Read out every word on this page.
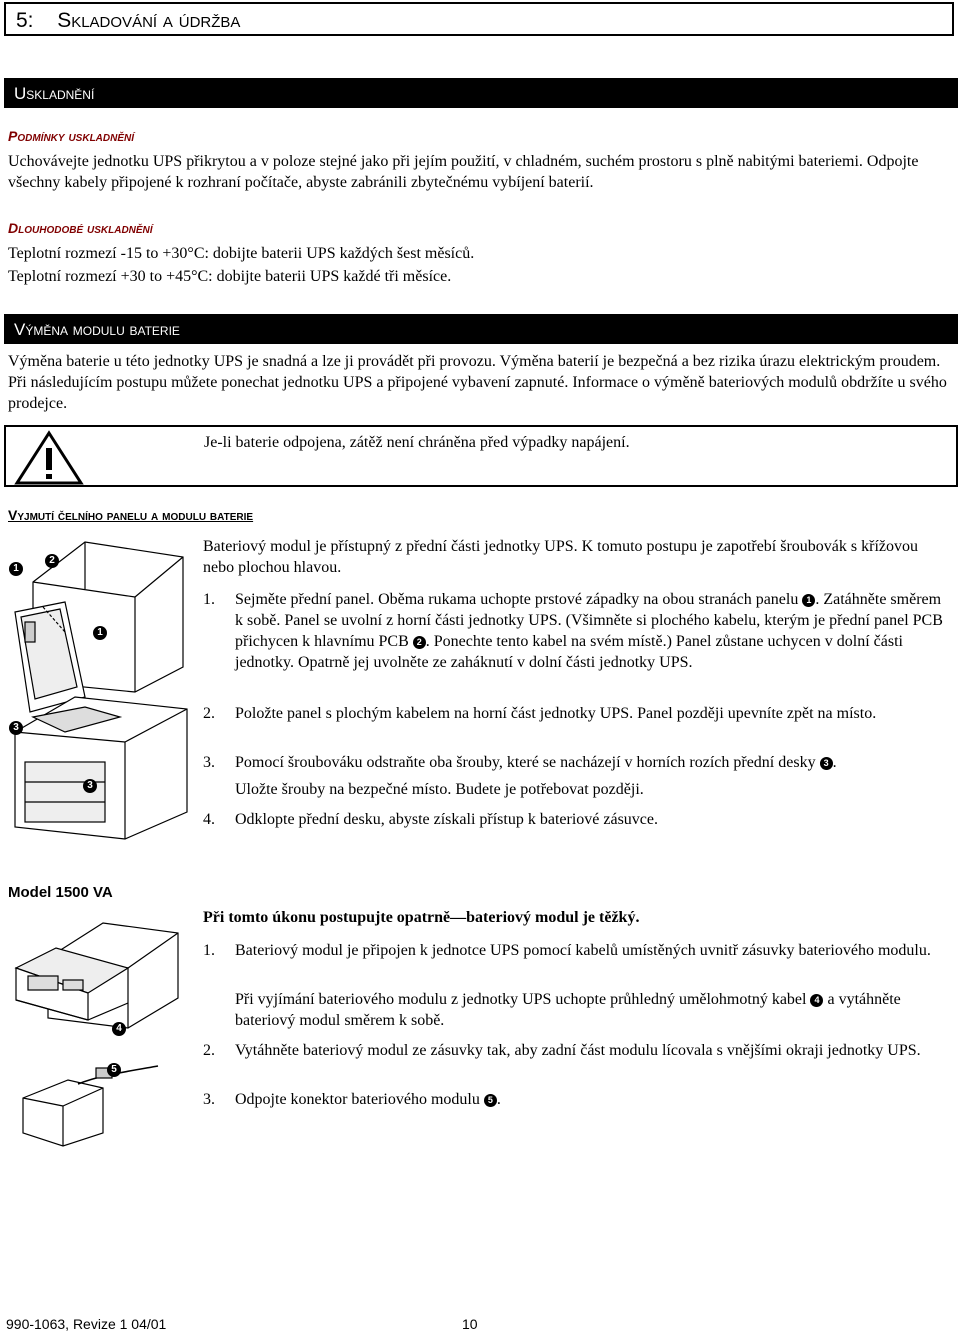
5: Skladování a údržba
Uskladnění
Podmínky uskladnění
Uchovávejte jednotku UPS přikrytou a v poloze stejné jako při jejím použití, v chladném, suchém prostoru s plně nabitými bateriemi. Odpojte všechny kabely připojené k rozhraní počítače, abyste zabránili zbytečnému vybíjení baterií.
Dlouhodobé uskladnění
Teplotní rozmezí -15 to +30°C: dobijte baterii UPS každých šest měsíců.
Teplotní rozmezí +30 to +45°C: dobijte baterii UPS každé tři měsíce.
Výměna modulu baterie
Výměna baterie u této jednotky UPS je snadná a lze ji provádět při provozu. Výměna baterií je bezpečná a bez rizika úrazu elektrickým proudem. Při následujícím postupu můžete ponechat jednotku UPS a připojené vybavení zapnuté. Informace o výměně bateriových modulů obdržíte u svého prodejce.
Je-li baterie odpojena, zátěž není chráněna před výpadky napájení.
Vyjmutí čelního panelu a modulu baterie
1
2
1
3
3
Bateriový modul je přístupný z přední části jednotky UPS. K tomuto postupu je zapotřebí šroubovák s křížovou nebo plochou hlavou.
1.	Sejměte přední panel. Oběma rukama uchopte prstové západky na obou stranách panelu 1 . Zatáhněte směrem k sobě. Panel se uvolní z horní části jednotky UPS. (Všimněte si plochého kabelu, kterým je přední panel PCB přichycen k hlavnímu PCB 2 . Ponechte tento kabel na svém místě.) Panel zůstane uchycen v dolní části jednotky. Opatrně jej uvolněte ze zaháknutí v dolní části jednotky UPS.
2.	Položte panel s plochým kabelem na horní část jednotky UPS. Panel později upevníte zpět na místo.
3.	Pomocí šroubováku odstraňte oba šrouby, které se nacházejí v horních rozích přední desky 3 .
Uložte šrouby na bezpečné místo. Budete je potřebovat později.
4.	Odklopte přední desku, abyste získali přístup k bateriové zásuvce.
Model 1500 VA
4
5
Při tomto úkonu postupujte opatrně—bateriový modul je těžký.
1.	Bateriový modul je připojen k jednotce UPS pomocí kabelů umístěných uvnitř zásuvky bateriového modulu.
Při vyjímání bateriového modulu z jednotky UPS uchopte průhledný umělohmotný kabel 4 a vytáhněte bateriový modul směrem k sobě.
2.	Vytáhněte bateriový modul ze zásuvky tak, aby zadní část modulu lícovala s vnějšími okraji jednotky UPS.
3.	Odpojte konektor bateriového modulu 5 .
990-1063, Revize 1 04/01	10
